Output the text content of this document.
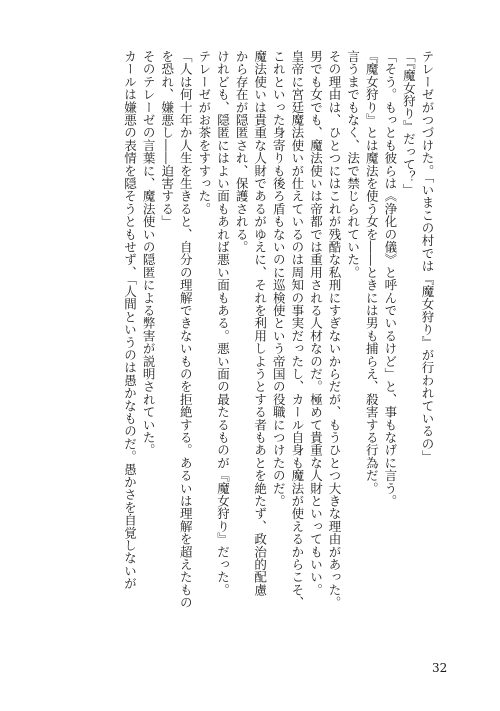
テレーゼがつづけた。「いまこの村では『魔女狩り』が行われているの」

「『魔女狩り』だって？」

「そう。もっとも彼らは《浄化の儀》と呼んでいるけど」と、事もなげに言う。

『魔女狩り』とは魔法を使う女を――ときには男も捕らえ、殺害する行為だ。

言うまでもなく、法で禁じられていた。

その理由は、ひとつにはこれが残酷な私刑にすぎないからだが、もうひとつ大きな理由があった。

男でも女でも、魔法使いは帝都では重用される人材なのだ。極めて貴重な人財といってもいい。

皇帝に宮廷魔法使いが仕えているのは周知の事実だったし、カール自身も魔法が使えるからこそ、

これといった身寄りも後ろ盾もないのに巡検使という帝国の役職につけたのだ。

魔法使いは貴重な人財であるがゆえに、それを利用しようとする者もあとを絶たず、政治的配慮

から存在が隠匿され、保護される。

けれども、隠匿にはよい面もあれば悪い面もある。悪い面の最たるものが『魔女狩り』だった。

テレーゼがお茶をすすった。

「人は何十年か人生を生きると、自分の理解できないものを拒絶する。あるいは理解を超えたもの

を恐れ、嫌悪し――迫害する」

そのテレーゼの言葉に、魔法使いの隠匿による弊害が説明されていた。

カールは嫌悪の表情を隠そうともせず、「人間というのは愚かなものだ。愚かさを自覚しないが

32
